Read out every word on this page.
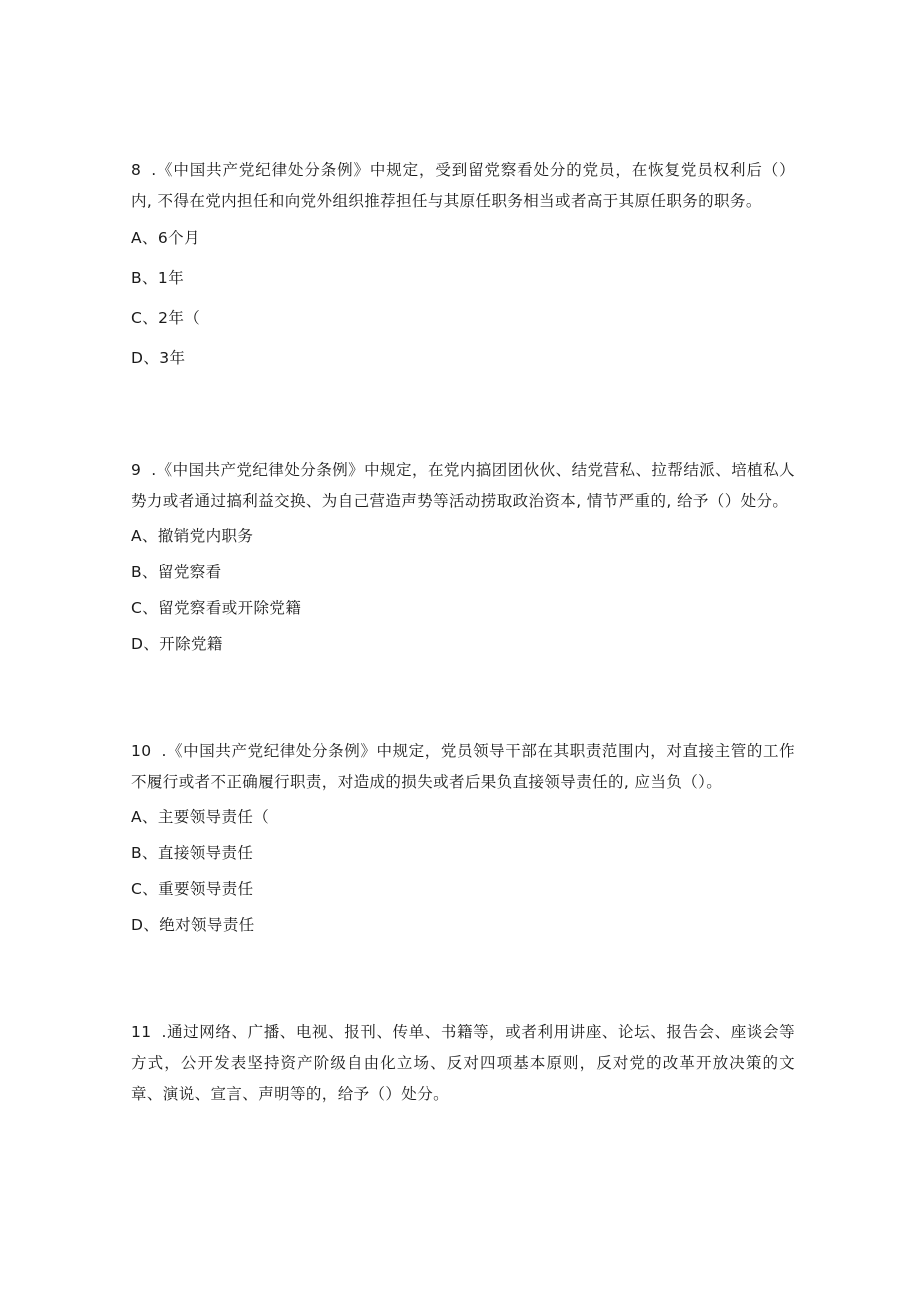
8 .《中国共产党纪律处分条例》中规定，受到留党察看处分的党员，在恢复党员权利后（）内, 不得在党内担任和向党外组织推荐担任与其原任职务相当或者高于其原任职务的职务。

A、6个月
B、1年
C、2年（
D、3年

9 .《中国共产党纪律处分条例》中规定，在党内搞团团伙伙、结党营私、拉帮结派、培植私人势力或者通过搞利益交换、为自己营造声势等活动捞取政治资本, 情节严重的, 给予（）处分。

A、撤销党内职务
B、留党察看
C、留党察看或开除党籍
D、开除党籍

10 .《中国共产党纪律处分条例》中规定，党员领导干部在其职责范围内，对直接主管的工作不履行或者不正确履行职责，对造成的损失或者后果负直接领导责任的, 应当负（）。

A、主要领导责任（
B、直接领导责任
C、重要领导责任
D、绝对领导责任

11 .通过网络、广播、电视、报刊、传单、书籍等，或者利用讲座、论坛、报告会、座谈会等方式，公开发表坚持资产阶级自由化立场、反对四项基本原则，反对党的改革开放决策的文章、演说、宣言、声明等的，给予（）处分。
